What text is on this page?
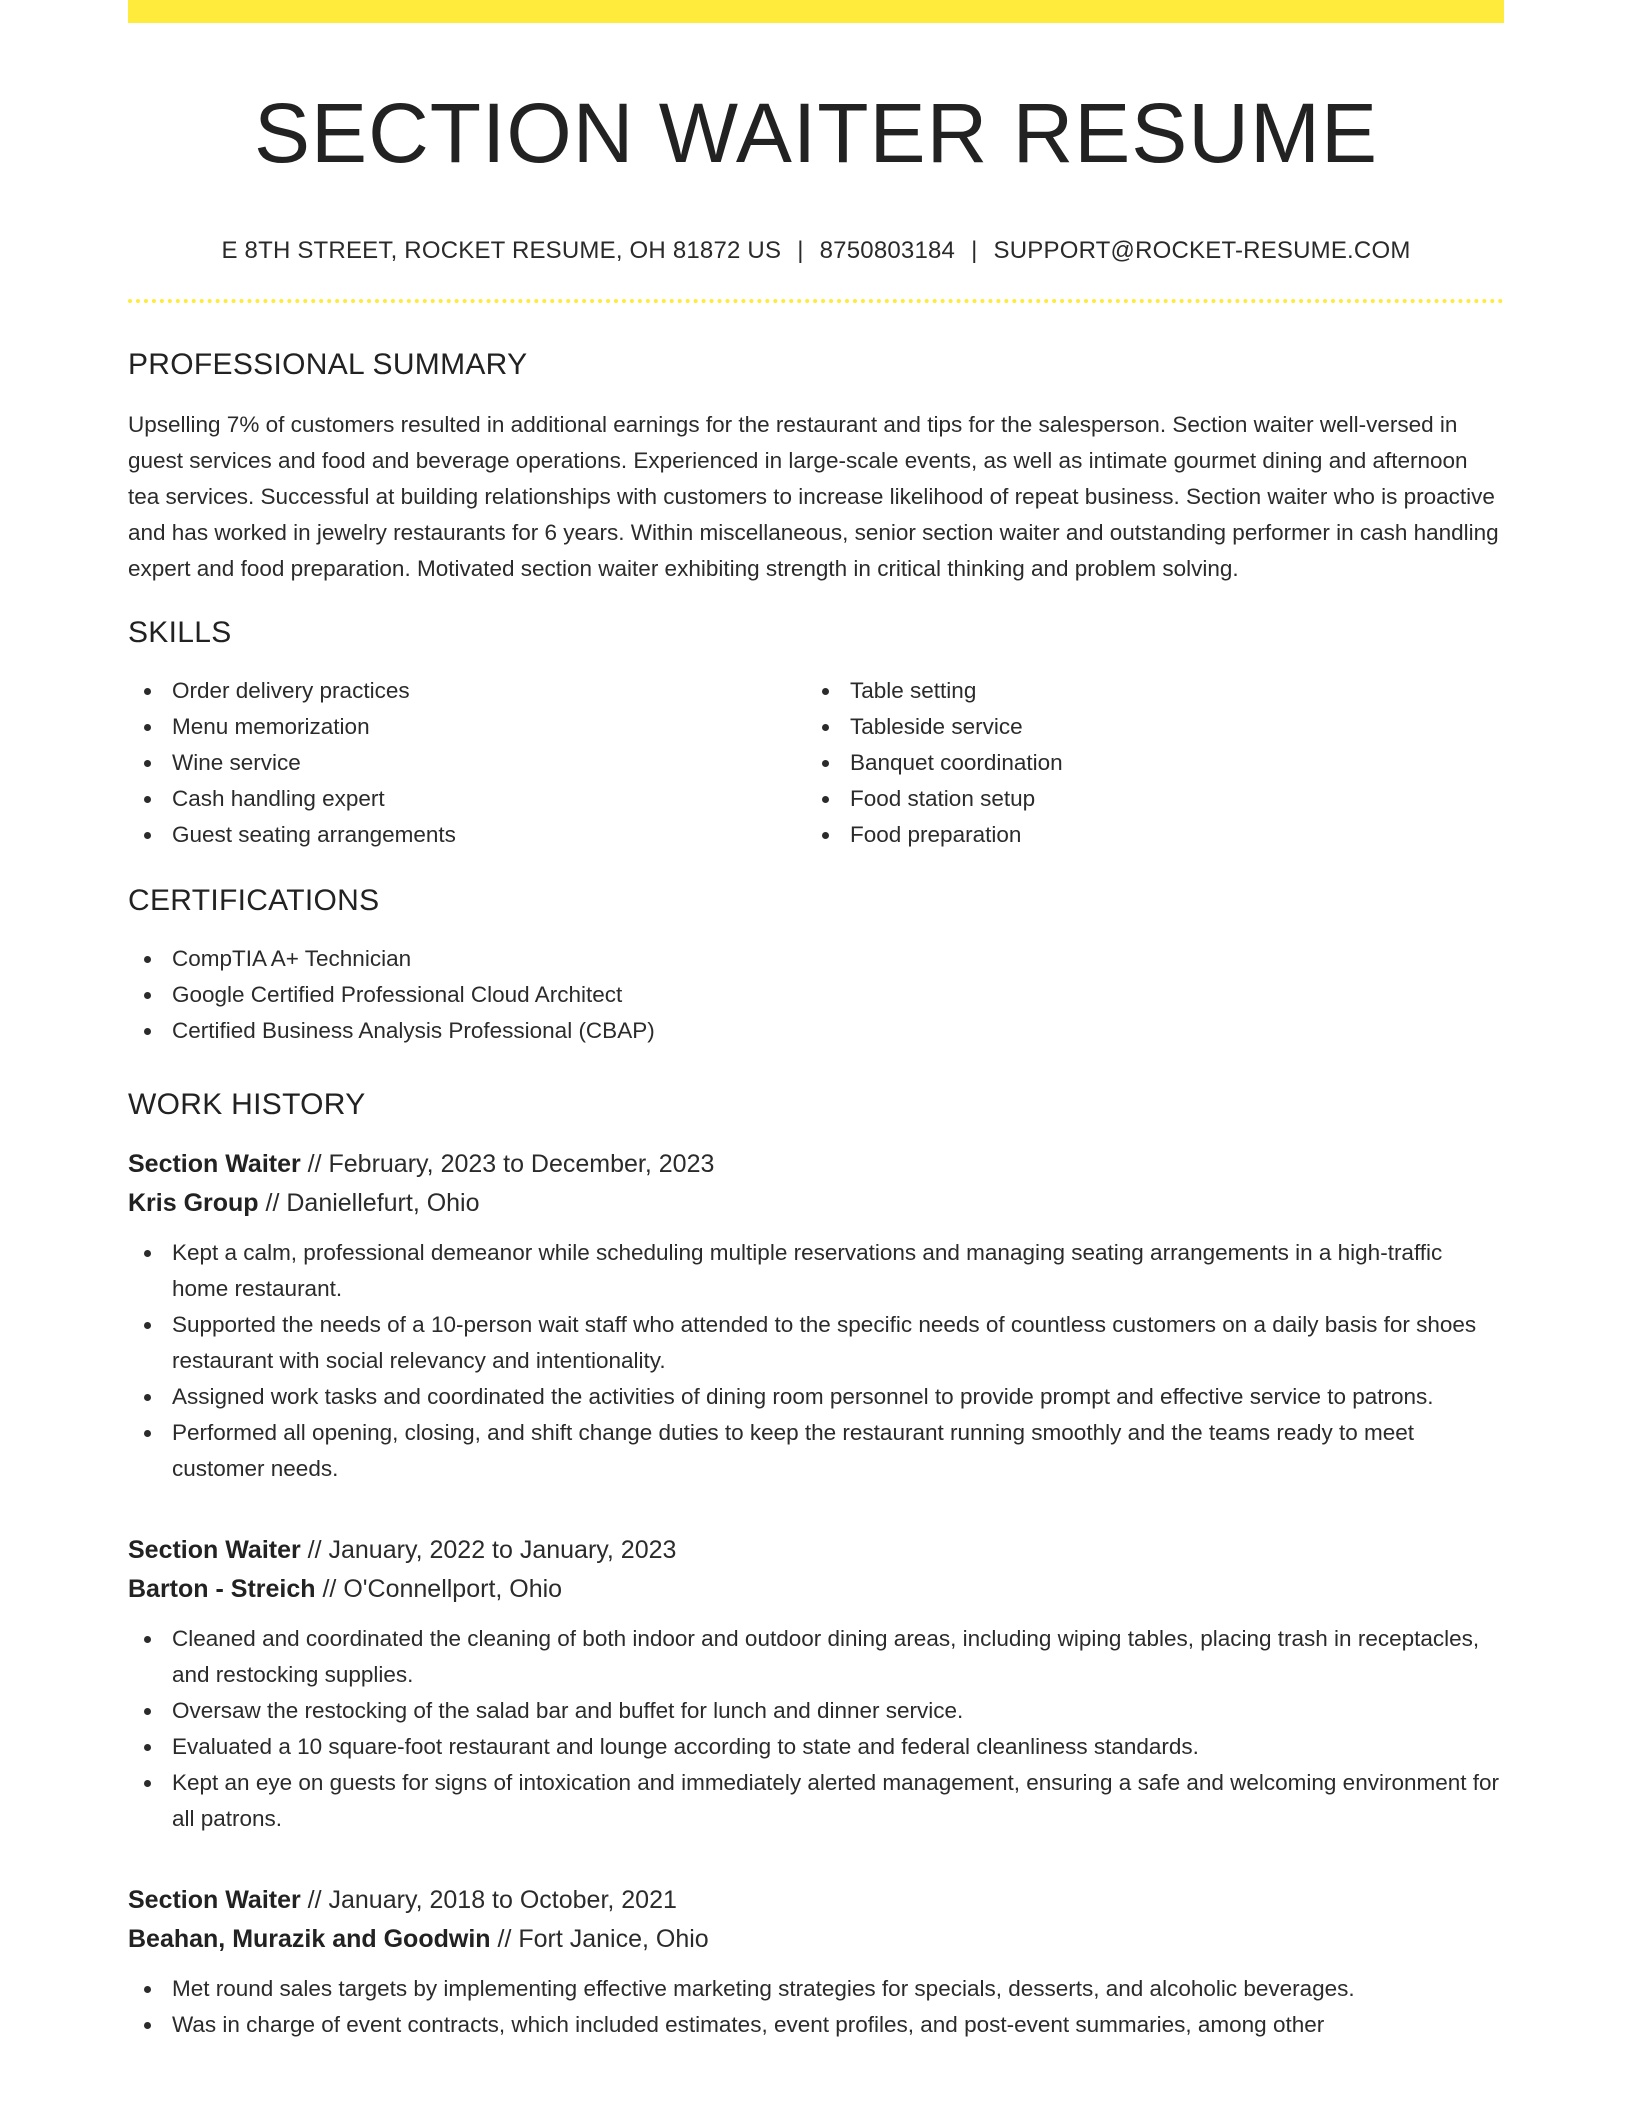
SECTION WAITER RESUME
E 8TH STREET, ROCKET RESUME, OH 81872 US | 8750803184 | SUPPORT@ROCKET-RESUME.COM
PROFESSIONAL SUMMARY

Upselling 7% of customers resulted in additional earnings for the restaurant and tips for the salesperson. Section waiter well-versed in guest services and food and beverage operations. Experienced in large-scale events, as well as intimate gourmet dining and afternoon tea services. Successful at building relationships with customers to increase likelihood of repeat business. Section waiter who is proactive and has worked in jewelry restaurants for 6 years. Within miscellaneous, senior section waiter and outstanding performer in cash handling expert and food preparation. Motivated section waiter exhibiting strength in critical thinking and problem solving.

SKILLS
Order delivery practices
Menu memorization
Wine service
Cash handling expert
Guest seating arrangements
Table setting
Tableside service
Banquet coordination
Food station setup
Food preparation
CERTIFICATIONS
CompTIA A+ Technician
Google Certified Professional Cloud Architect
Certified Business Analysis Professional (CBAP)
WORK HISTORY
Section Waiter // February, 2023 to December, 2023
Kris Group // Daniellefurt, Ohio
Kept a calm, professional demeanor while scheduling multiple reservations and managing seating arrangements in a high-traffic home restaurant.
Supported the needs of a 10-person wait staff who attended to the specific needs of countless customers on a daily basis for shoes restaurant with social relevancy and intentionality.
Assigned work tasks and coordinated the activities of dining room personnel to provide prompt and effective service to patrons.
Performed all opening, closing, and shift change duties to keep the restaurant running smoothly and the teams ready to meet customer needs.
Section Waiter // January, 2022 to January, 2023
Barton - Streich // O'Connellport, Ohio
Cleaned and coordinated the cleaning of both indoor and outdoor dining areas, including wiping tables, placing trash in receptacles, and restocking supplies.
Oversaw the restocking of the salad bar and buffet for lunch and dinner service.
Evaluated a 10 square-foot restaurant and lounge according to state and federal cleanliness standards.
Kept an eye on guests for signs of intoxication and immediately alerted management, ensuring a safe and welcoming environment for all patrons.
Section Waiter // January, 2018 to October, 2021
Beahan, Murazik and Goodwin // Fort Janice, Ohio
Met round sales targets by implementing effective marketing strategies for specials, desserts, and alcoholic beverages.
Was in charge of event contracts, which included estimates, event profiles, and post-event summaries, among other
